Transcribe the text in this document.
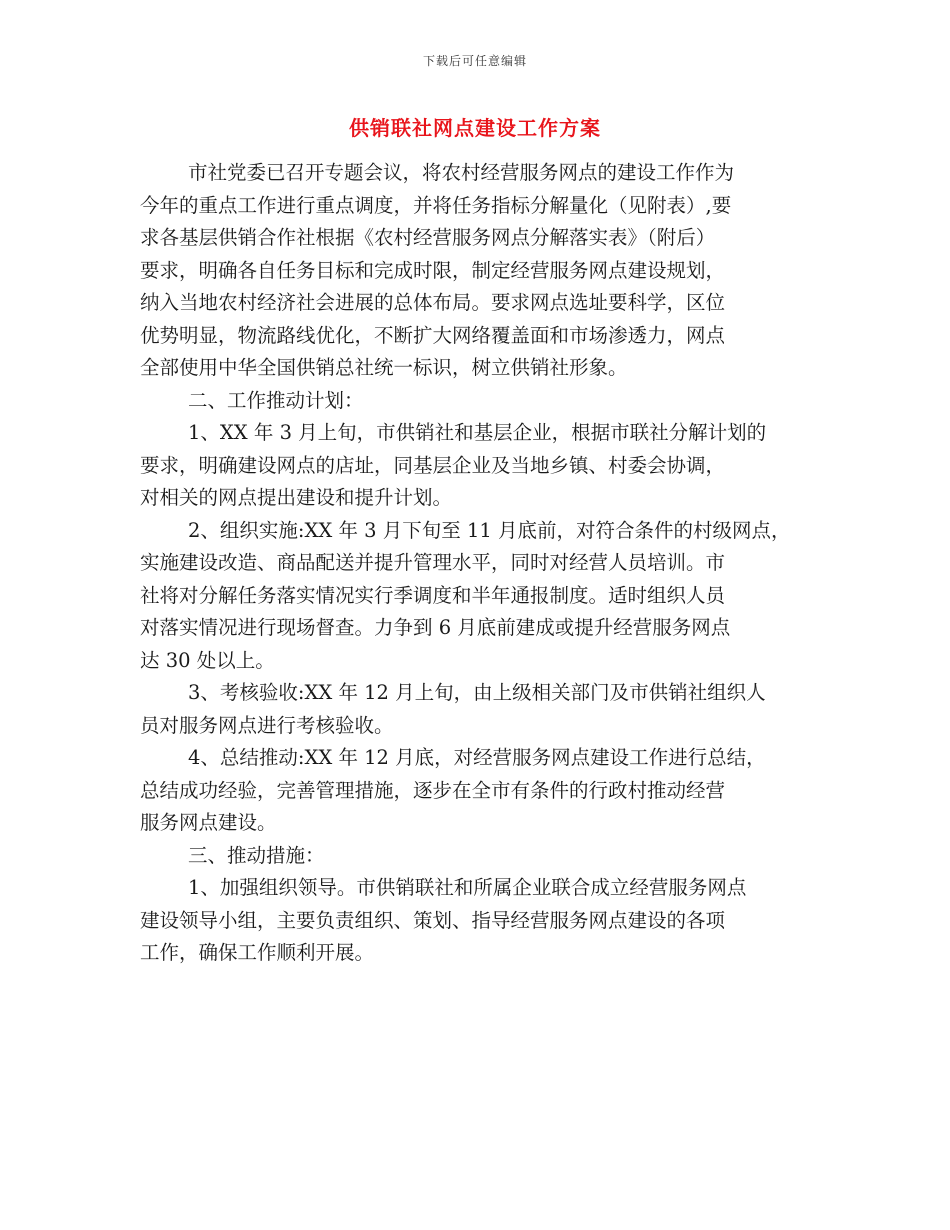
下载后可任意编辑
供销联社网点建设工作方案

市社党委已召开专题会议，将农村经营服务网点的建设工作作为
今年的重点工作进行重点调度，并将任务指标分解量化（见附表）,要
求各基层供销合作社根据《农村经营服务网点分解落实表》（附后）
要求，明确各自任务目标和完成时限，制定经营服务网点建设规划，
纳入当地农村经济社会进展的总体布局。要求网点选址要科学，区位
优势明显，物流路线优化，不断扩大网络覆盖面和市场渗透力，网点
全部使用中华全国供销总社统一标识，树立供销社形象。

二、工作推动计划：

1、XX 年 3 月上旬，市供销社和基层企业，根据市联社分解计划的
要求，明确建设网点的店址，同基层企业及当地乡镇、村委会协调，
对相关的网点提出建设和提升计划。

2、组织实施:XX 年 3 月下旬至 11 月底前，对符合条件的村级网点，
实施建设改造、商品配送并提升管理水平，同时对经营人员培训。市
社将对分解任务落实情况实行季调度和半年通报制度。适时组织人员
对落实情况进行现场督查。力争到 6 月底前建成或提升经营服务网点
达 30 处以上。

3、考核验收:XX 年 12 月上旬，由上级相关部门及市供销社组织人
员对服务网点进行考核验收。

4、总结推动:XX 年 12 月底，对经营服务网点建设工作进行总结，
总结成功经验，完善管理措施，逐步在全市有条件的行政村推动经营
服务网点建设。

三、推动措施：

1、加强组织领导。市供销联社和所属企业联合成立经营服务网点
建设领导小组，主要负责组织、策划、指导经营服务网点建设的各项
工作，确保工作顺利开展。
